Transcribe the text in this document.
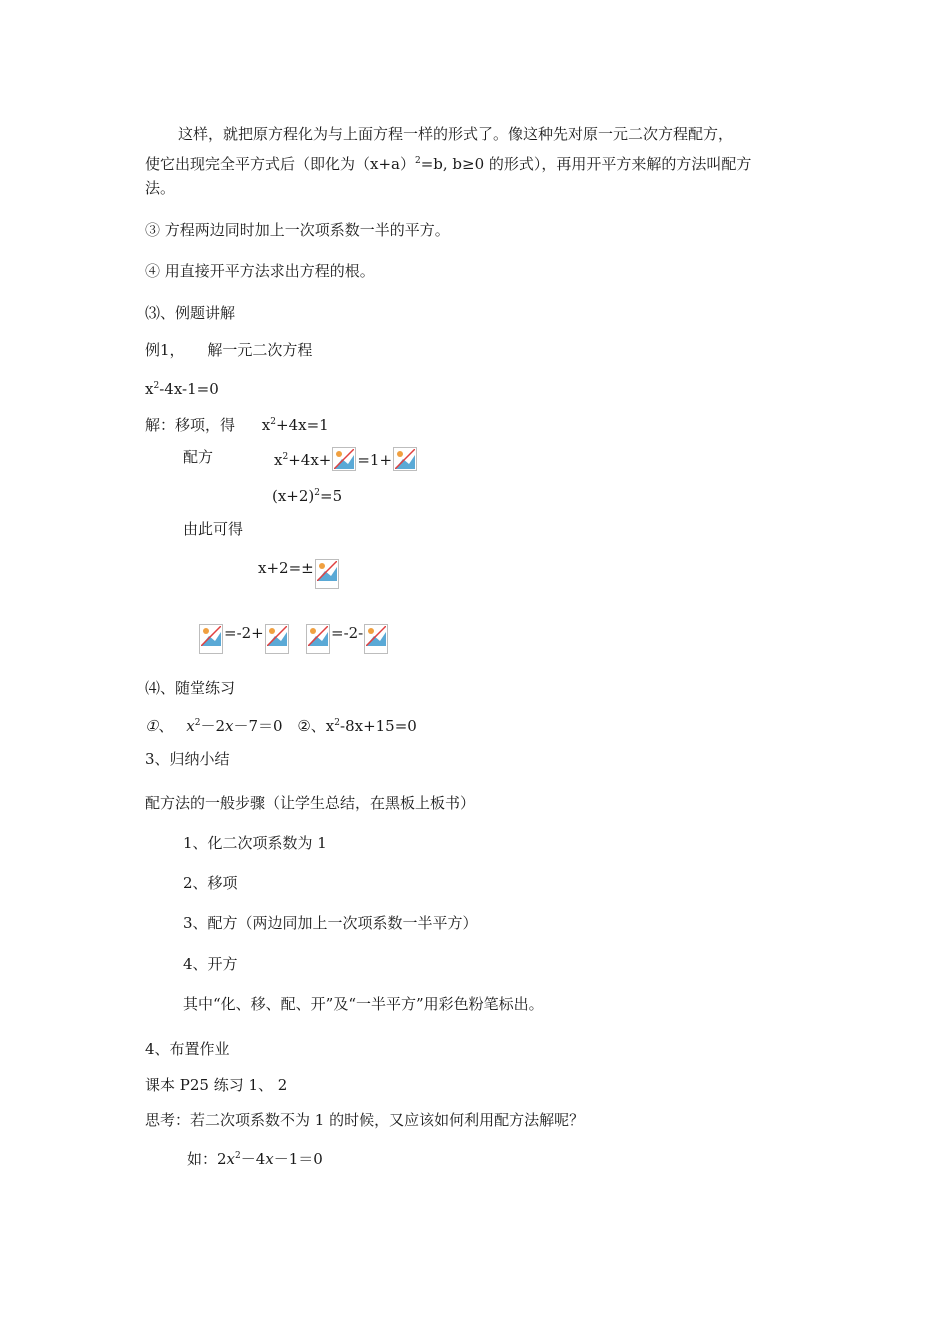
这样，就把原方程化为与上面方程一样的形式了。像这种先对原一元二次方程配方，
使它出现完全平方式后（即化为$(x+a)^2=b$, b≥0 的形式），再用开平方来解的方法叫配方
法。
③ 方程两边同时加上一次项系数一半的平方。
④ 用直接开平方法求出方程的根。
⑶、例题讲解
例1， 解一元二次方程
$x^2-4x-1=0$
解：移项，得 $x^2+4x=1$
配方	$x^2+4x+ =1+$
$(x+2)^2=5$
由此可得
x+2=±
=-2+	=-2-
⑷、随堂练习
①、 $x^2-2x-7=0$ ②、$x^2-8x+15=0$
3、归纳小结
配方法的一般步骤（让学生总结，在黑板上板书）
1、化二次项系数为 1
2、移项
3、配方（两边同加上一次项系数一半平方）
4、开方
其中“化、移、配、开”及“一半平方”用彩色粉笔标出。
4、布置作业
课本 P25 练习 1、 2
思考：若二次项系数不为 1 的时候，又应该如何利用配方法解呢？
如：$2x^2-4x-1=0$
